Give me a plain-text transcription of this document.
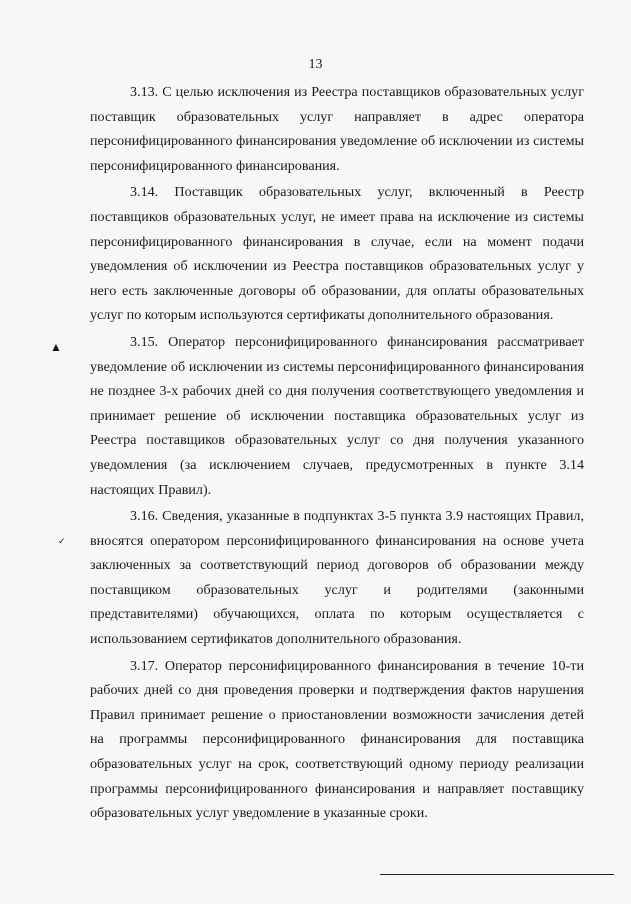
13

3.13. С целью исключения из Реестра поставщиков образовательных услуг поставщик образовательных услуг направляет в адрес оператора персонифицированного финансирования уведомление об исключении из системы персонифицированного финансирования.

3.14. Поставщик образовательных услуг, включенный в Реестр поставщиков образовательных услуг, не имеет права на исключение из системы персонифицированного финансирования в случае, если на момент подачи уведомления об исключении из Реестра поставщиков образовательных услуг у него есть заключенные договоры об образовании, для оплаты образовательных услуг по которым используются сертификаты дополнительного образования.

3.15. Оператор персонифицированного финансирования рассматривает уведомление об исключении из системы персонифицированного финансирования не позднее 3-х рабочих дней со дня получения соответствующего уведомления и принимает решение об исключении поставщика образовательных услуг из Реестра поставщиков образовательных услуг со дня получения указанного уведомления (за исключением случаев, предусмотренных в пункте 3.14 настоящих Правил).

3.16. Сведения, указанные в подпунктах 3-5 пункта 3.9 настоящих Правил, вносятся оператором персонифицированного финансирования на основе учета заключенных за соответствующий период договоров об образовании между поставщиком образовательных услуг и родителями (законными представителями) обучающихся, оплата по которым осуществляется с использованием сертификатов дополнительного образования.

3.17. Оператор персонифицированного финансирования в течение 10-ти рабочих дней со дня проведения проверки и подтверждения фактов нарушения Правил принимает решение о приостановлении возможности зачисления детей на программы персонифицированного финансирования для поставщика образовательных услуг на срок, соответствующий одному периоду реализации программы персонифицированного финансирования и направляет поставщику образовательных услуг уведомление в указанные сроки.

▲
✓
